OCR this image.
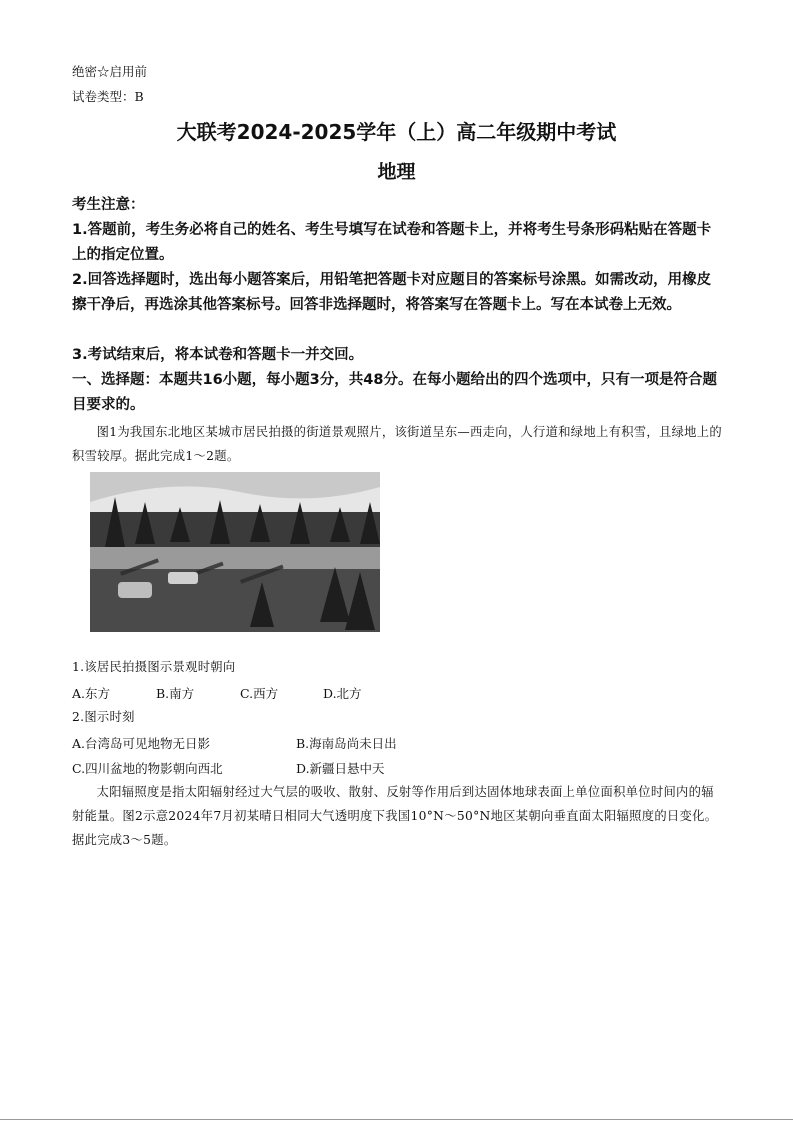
绝密☆启用前

试卷类型：B

大联考2024-2025学年（上）高二年级期中考试

地理

考生注意：

1.答题前，考生务必将自己的姓名、考生号填写在试卷和答题卡上，并将考生号条形码粘贴在答题卡上的指定位置。

2.回答选择题时，选出每小题答案后，用铅笔把答题卡对应题目的答案标号涂黑。如需改动，用橡皮擦干净后，再选涂其他答案标号。回答非选择题时，将答案写在答题卡上。写在本试卷上无效。

3.考试结束后，将本试卷和答题卡一并交回。

一、选择题：本题共16小题，每小题3分，共48分。在每小题给出的四个选项中，只有一项是符合题目要求的。

图1为我国东北地区某城市居民拍摄的街道景观照片，该街道呈东—西走向，人行道和绿地上有积雪，且绿地上的积雪较厚。据此完成1～2题。

1.该居民拍摄图示景观时朝向

A.东方	B.南方	C.西方	D.北方

2.图示时刻

A.台湾岛可见地物无日影	B.海南岛尚未日出

C.四川盆地的物影朝向西北	D.新疆日悬中天

太阳辐照度是指太阳辐射经过大气层的吸收、散射、反射等作用后到达固体地球表面上单位面积单位时间内的辐射能量。图2示意2024年7月初某晴日相同大气透明度下我国10°N～50°N地区某朝向垂直面太阳辐照度的日变化。据此完成3～5题。
